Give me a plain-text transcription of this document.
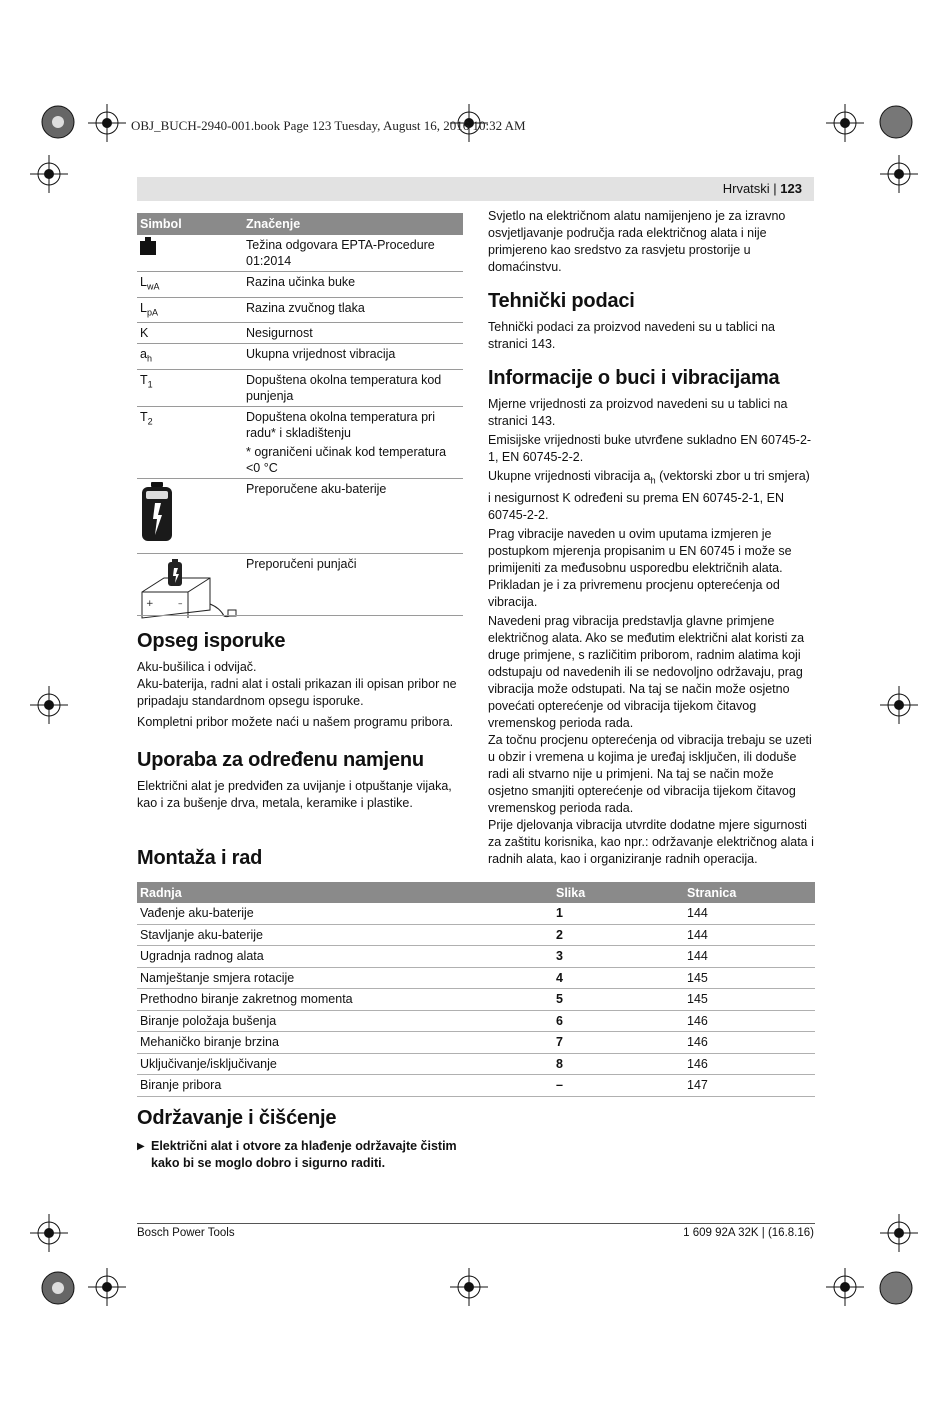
OBJ_BUCH-2940-001.book Page 123 Tuesday, August 16, 2016 10:32 AM
Hrvatski | 123
Simbol	Značenje
	Težina odgovara EPTA-Procedure 01:2014
$L_{wA}$	Razina učinka buke
$L_{pA}$	Razina zvučnog tlaka
K	Nesigurnost
$a_h$	Ukupna vrijednost vibracija
$T_1$	Dopuštena okolna temperatura kod punjenja
$T_2$	Dopuštena okolna temperatura pri radu* i skladištenju

* ograničeni učinak kod temperatura <0 °C

	Preporučene aku-baterije

+ –	Preporučeni punjači
Opseg isporuke

Aku-bušilica i odvijač.

Aku-baterija, radni alat i ostali prikazan ili opisan pribor ne pripadaju standardnom opsegu isporuke.

Kompletni pribor možete naći u našem programu pribora.

Uporaba za određenu namjenu

Električni alat je predviđen za uvijanje i otpuštanje vijaka, kao i za bušenje drva, metala, keramike i plastike.

Svjetlo na električnom alatu namijenjeno je za izravno osvjetljavanje područja rada električnog alata i nije primjereno kao sredstvo za rasvjetu prostorije u domaćinstvu.

Tehnički podaci

Tehnički podaci za proizvod navedeni su u tablici na stranici 143.

Informacije o buci i vibracijama

Mjerne vrijednosti za proizvod navedeni su u tablici na stranici 143.

Emisijske vrijednosti buke utvrđene sukladno EN 60745-2-1, EN 60745-2-2.

Ukupne vrijednosti vibracija $a_h$ (vektorski zbor u tri smjera) i nesigurnost K određeni su prema EN 60745-2-1, EN 60745-2-2.

Prag vibracije naveden u ovim uputama izmjeren je postupkom mjerenja propisanim u EN 60745 i može se primijeniti za međusobnu usporedbu električnih alata. Prikladan je i za privremenu procjenu opterećenja od vibracija.

Navedeni prag vibracija predstavlja glavne primjene električnog alata. Ako se međutim električni alat koristi za druge primjene, s različitim priborom, radnim alatima koji odstupaju od navedenih ili se nedovoljno održavaju, prag vibracija može odstupati. Na taj se način može osjetno povećati opterećenje od vibracija tijekom čitavog vremenskog perioda rada.

Za točnu procjenu opterećenja od vibracija trebaju se uzeti u obzir i vremena u kojima je uređaj isključen, ili doduše radi ali stvarno nije u primjeni. Na taj se način može osjetno smanjiti opterećenje od vibracija tijekom čitavog vremenskog perioda rada.

Prije djelovanja vibracija utvrdite dodatne mjere sigurnosti za zaštitu korisnika, kao npr.: održavanje električnog alata i radnih alata, kao i organiziranje radnih operacija.

Montaža i rad
Radnja	Slika	Stranica
Vađenje aku-baterije	1	144
Stavljanje aku-baterije	2	144
Ugradnja radnog alata	3	144
Namještanje smjera rotacije	4	145
Prethodno biranje zakretnog momenta	5	145
Biranje položaja bušenja	6	146
Mehaničko biranje brzina	7	146
Uključivanje/isključivanje	8	146
Biranje pribora	–	147
Održavanje i čišćenje
▶ Električni alat i otvore za hlađenje održavajte čistim kako bi se moglo dobro i sigurno raditi.
Bosch Power Tools	1 609 92A 32K | (16.8.16)
